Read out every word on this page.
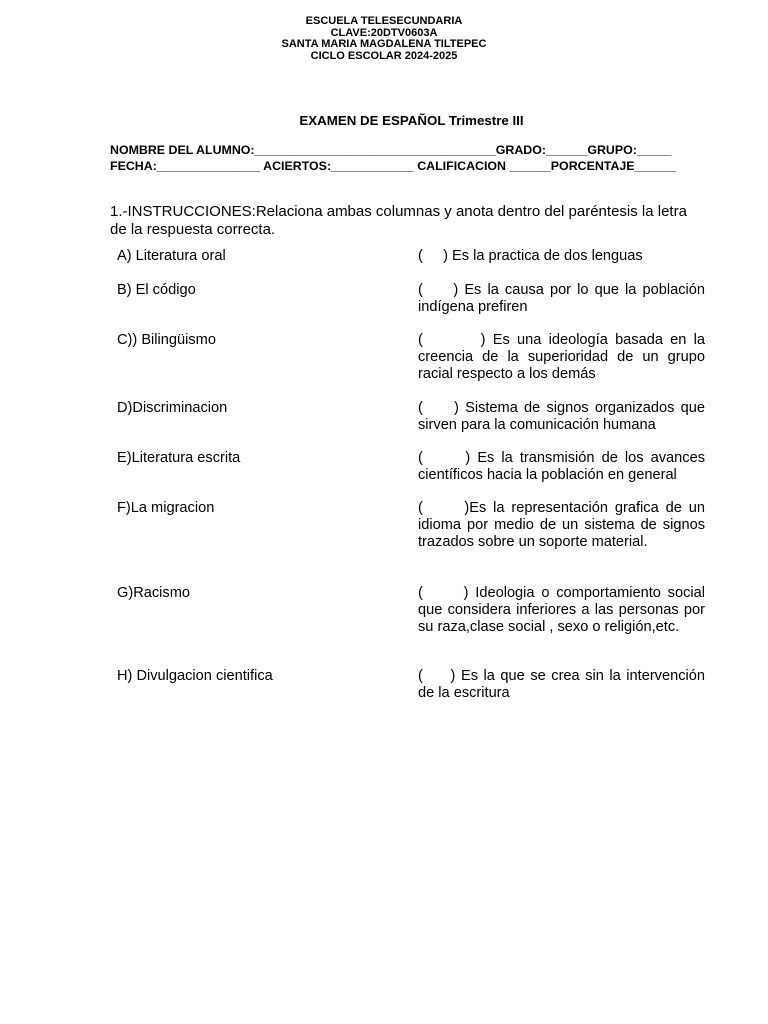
ESCUELA TELESECUNDARIA
CLAVE:20DTV0603A
SANTA MARIA MAGDALENA TILTEPEC
CICLO ESCOLAR 2024-2025
EXAMEN DE ESPAÑOL Trimestre III
NOMBRE DEL ALUMNO:___________________________________GRADO:______GRUPO:_____
FECHA:_______________ ACIERTOS:____________ CALIFICACION ______PORCENTAJE______
1.-INSTRUCCIONES:Relaciona ambas columnas y anota dentro del paréntesis la letra de la respuesta correcta.
A) Literatura oral	(     ) Es la practica de dos lenguas
B) El código	(     ) Es la causa por lo que la población indígena prefiren
C)) Bilingüismo	(        ) Es una ideología basada en la creencia de la superioridad de un grupo racial respecto a los demás
D)Discriminacion	(     ) Sistema de signos organizados que sirven para la comunicación humana
E)Literatura escrita	(      ) Es la transmisión de los avances científicos hacia la población en general
F)La migracion	(      )Es la representación grafica de un idioma por medio de un sistema de signos trazados sobre un soporte material.
G)Racismo	(      ) Ideologia o comportamiento social que considera inferiores a las personas por su raza,clase social , sexo o religión,etc.
H) Divulgacion cientifica	(     ) Es la que se crea sin la intervención de la escritura
